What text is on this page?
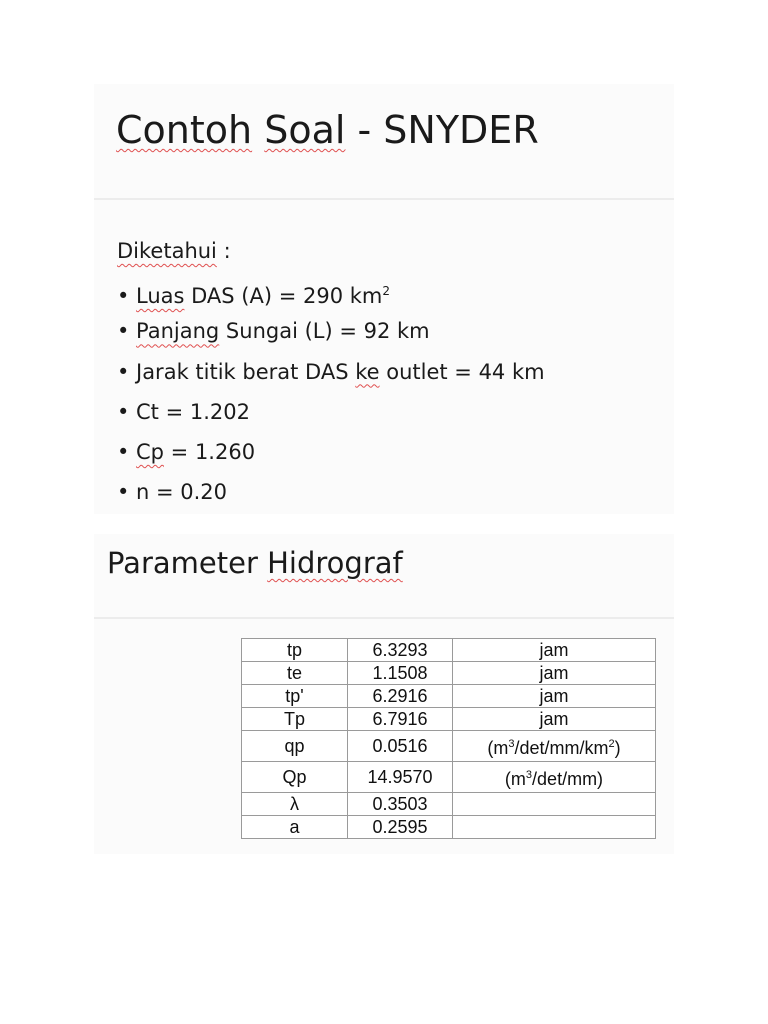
Contoh Soal - SNYDER
Diketahui :
• Luas DAS (A) = 290 $km^2$
• Panjang Sungai (L) = 92 km
• Jarak titik berat DAS ke outlet = 44 km
• Ct = 1.202
• Cp = 1.260
• n = 0.20
Parameter Hidrograf
tp	6.3293	jam
te	1.1508	jam
tp'	6.2916	jam
Tp	6.7916	jam
qp	0.0516	$(m^3/\det/mm/km^2)$
Qp	14.9570	$(m^3/\det/mm)$
λ	0.3503	
a	0.2595	
